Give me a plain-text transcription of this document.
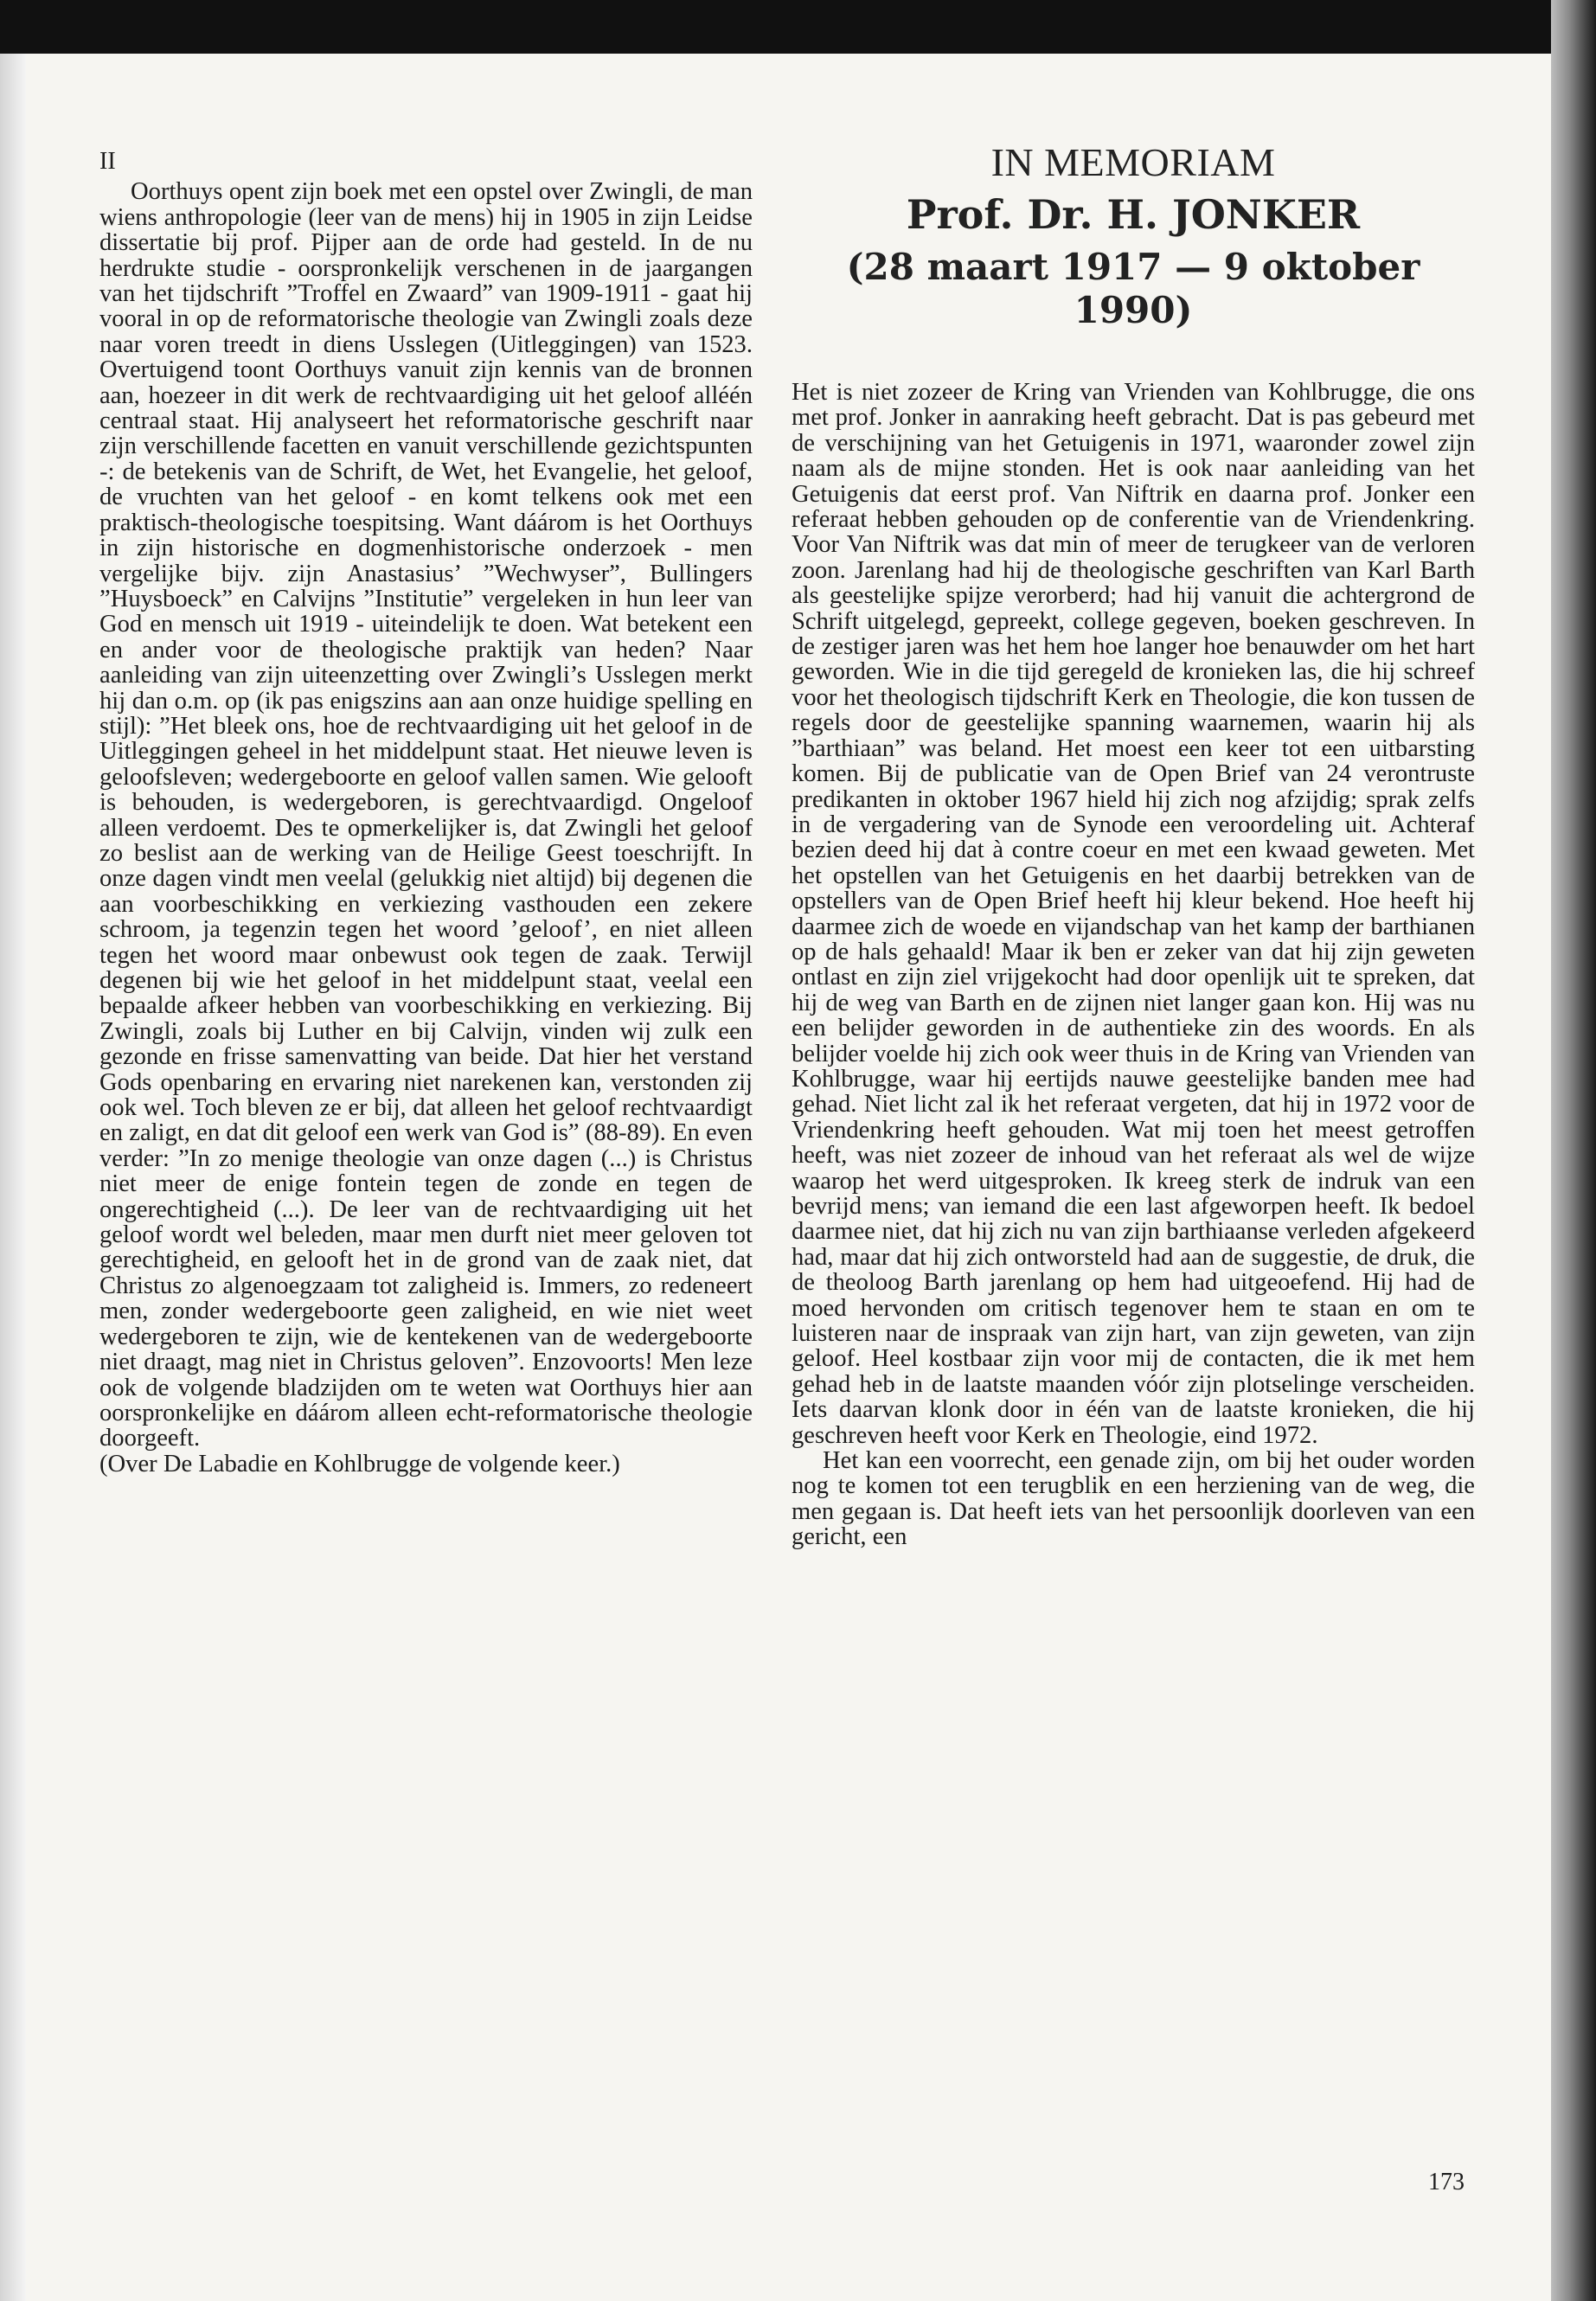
II

Oorthuys opent zijn boek met een opstel over Zwingli, de man wiens anthropologie (leer van de mens) hij in 1905 in zijn Leidse dissertatie bij prof. Pijper aan de orde had gesteld. In de nu herdrukte studie - oorspronkelijk verschenen in de jaargangen van het tijdschrift ”Troffel en Zwaard” van 1909-1911 - gaat hij vooral in op de reformatorische theologie van Zwingli zoals deze naar voren treedt in diens Usslegen (Uitleggingen) van 1523. Overtuigend toont Oorthuys vanuit zijn kennis van de bronnen aan, hoezeer in dit werk de rechtvaardiging uit het geloof alléén centraal staat. Hij analyseert het reformatorische geschrift naar zijn verschillende facetten en vanuit verschillende gezichtspunten -: de betekenis van de Schrift, de Wet, het Evangelie, het geloof, de vruchten van het geloof - en komt telkens ook met een praktisch-theologische toespitsing. Want dáárom is het Oorthuys in zijn historische en dogmenhistorische onderzoek - men vergelijke bijv. zijn Anastasius’ ”Wechwyser”, Bullingers ”Huysboeck” en Calvijns ”Institutie” vergeleken in hun leer van God en mensch uit 1919 - uiteindelijk te doen. Wat betekent een en ander voor de theologische praktijk van heden? Naar aanleiding van zijn uiteenzetting over Zwingli’s Usslegen merkt hij dan o.m. op (ik pas enigszins aan aan onze huidige spelling en stijl): ”Het bleek ons, hoe de rechtvaardiging uit het geloof in de Uitleggingen geheel in het middelpunt staat. Het nieuwe leven is geloofsleven; wedergeboorte en geloof vallen samen. Wie gelooft is behouden, is wedergeboren, is gerechtvaardigd. Ongeloof alleen verdoemt. Des te opmerkelijker is, dat Zwingli het geloof zo beslist aan de werking van de Heilige Geest toeschrijft. In onze dagen vindt men veelal (gelukkig niet altijd) bij degenen die aan voorbeschikking en verkiezing vasthouden een zekere schroom, ja tegenzin tegen het woord ’geloof’, en niet alleen tegen het woord maar onbewust ook tegen de zaak. Terwijl degenen bij wie het geloof in het middelpunt staat, veelal een bepaalde afkeer hebben van voorbeschikking en verkiezing. Bij Zwingli, zoals bij Luther en bij Calvijn, vinden wij zulk een gezonde en frisse samenvatting van beide. Dat hier het verstand Gods openbaring en ervaring niet narekenen kan, verstonden zij ook wel. Toch bleven ze er bij, dat alleen het geloof rechtvaardigt en zaligt, en dat dit geloof een werk van God is” (88-89). En even verder: ”In zo menige theologie van onze dagen (...) is Christus niet meer de enige fontein tegen de zonde en tegen de ongerechtigheid (...). De leer van de rechtvaardiging uit het geloof wordt wel beleden, maar men durft niet meer geloven tot gerechtigheid, en gelooft het in de grond van de zaak niet, dat Christus zo algenoegzaam tot zaligheid is. Immers, zo redeneert men, zonder wedergeboorte geen zaligheid, en wie niet weet wedergeboren te zijn, wie de kentekenen van de wedergeboorte niet draagt, mag niet in Christus geloven”. Enzovoorts! Men leze ook de volgende bladzijden om te weten wat Oorthuys hier aan oorspronkelijke en dáárom alleen echt-reformatorische theologie doorgeeft.

(Over De Labadie en Kohlbrugge de volgende keer.)

IN MEMORIAM

Prof. Dr. H. JONKER

(28 maart 1917 — 9 oktober 1990)

Het is niet zozeer de Kring van Vrienden van Kohlbrugge, die ons met prof. Jonker in aanraking heeft gebracht. Dat is pas gebeurd met de verschijning van het Getuigenis in 1971, waaronder zowel zijn naam als de mijne stonden. Het is ook naar aanleiding van het Getuigenis dat eerst prof. Van Niftrik en daarna prof. Jonker een referaat hebben gehouden op de conferentie van de Vriendenkring. Voor Van Niftrik was dat min of meer de terugkeer van de verloren zoon. Jarenlang had hij de theologische geschriften van Karl Barth als geestelijke spijze verorberd; had hij vanuit die achtergrond de Schrift uitgelegd, gepreekt, college gegeven, boeken geschreven. In de zestiger jaren was het hem hoe langer hoe benauwder om het hart geworden. Wie in die tijd geregeld de kronieken las, die hij schreef voor het theologisch tijdschrift Kerk en Theologie, die kon tussen de regels door de geestelijke spanning waarnemen, waarin hij als ”barthiaan” was beland. Het moest een keer tot een uitbarsting komen. Bij de publicatie van de Open Brief van 24 verontruste predikanten in oktober 1967 hield hij zich nog afzijdig; sprak zelfs in de vergadering van de Synode een veroordeling uit. Achteraf bezien deed hij dat à contre coeur en met een kwaad geweten. Met het opstellen van het Getuigenis en het daarbij betrekken van de opstellers van de Open Brief heeft hij kleur bekend. Hoe heeft hij daarmee zich de woede en vijandschap van het kamp der barthianen op de hals gehaald! Maar ik ben er zeker van dat hij zijn geweten ontlast en zijn ziel vrijgekocht had door openlijk uit te spreken, dat hij de weg van Barth en de zijnen niet langer gaan kon. Hij was nu een belijder geworden in de authentieke zin des woords. En als belijder voelde hij zich ook weer thuis in de Kring van Vrienden van Kohlbrugge, waar hij eertijds nauwe geestelijke banden mee had gehad. Niet licht zal ik het referaat vergeten, dat hij in 1972 voor de Vriendenkring heeft gehouden. Wat mij toen het meest getroffen heeft, was niet zozeer de inhoud van het referaat als wel de wijze waarop het werd uitgesproken. Ik kreeg sterk de indruk van een bevrijd mens; van iemand die een last afgeworpen heeft. Ik bedoel daarmee niet, dat hij zich nu van zijn barthiaanse verleden afgekeerd had, maar dat hij zich ontworsteld had aan de suggestie, de druk, die de theoloog Barth jarenlang op hem had uitgeoefend. Hij had de moed hervonden om critisch tegenover hem te staan en om te luisteren naar de inspraak van zijn hart, van zijn geweten, van zijn geloof. Heel kostbaar zijn voor mij de contacten, die ik met hem gehad heb in de laatste maanden vóór zijn plotselinge verscheiden. Iets daarvan klonk door in één van de laatste kronieken, die hij geschreven heeft voor Kerk en Theologie, eind 1972.

Het kan een voorrecht, een genade zijn, om bij het ouder worden nog te komen tot een terugblik en een herziening van de weg, die men gegaan is. Dat heeft iets van het persoonlijk doorleven van een gericht, een

173
